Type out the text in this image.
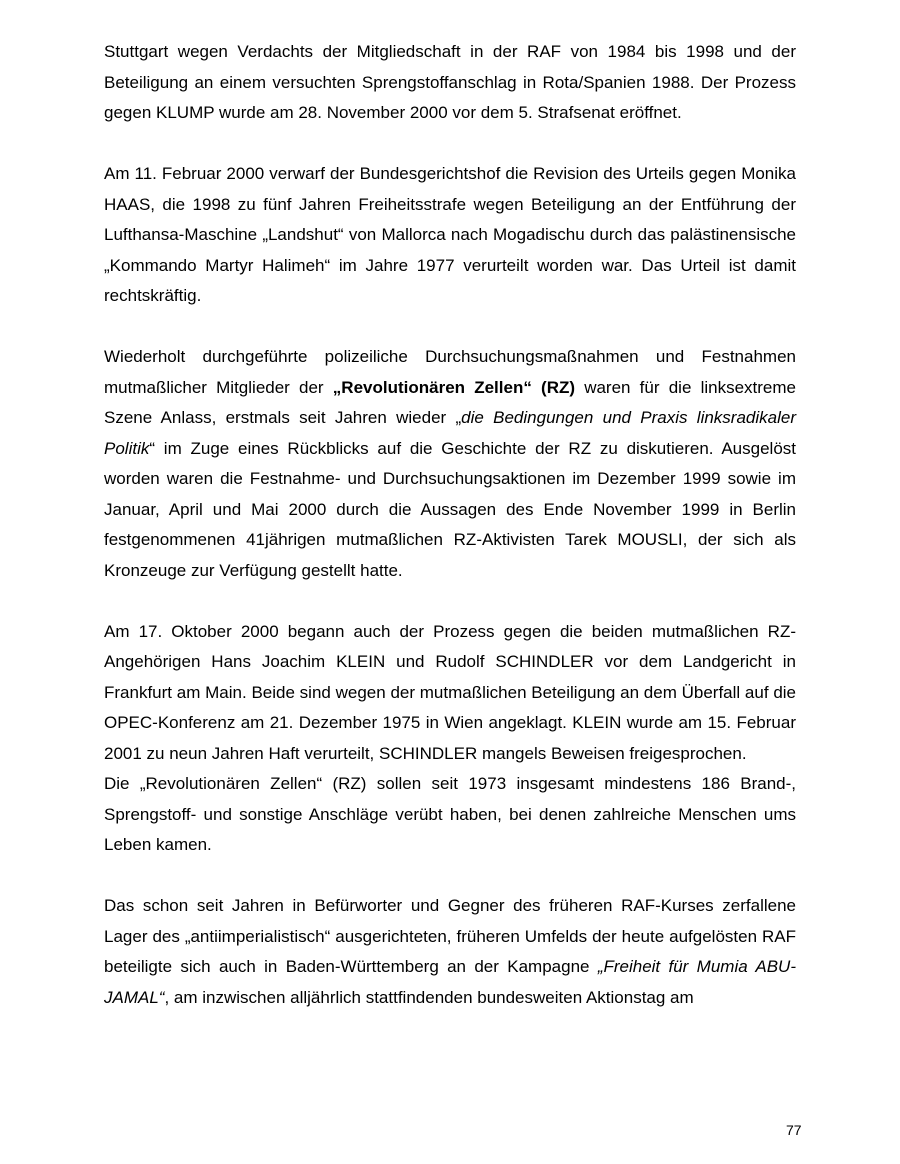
Stuttgart wegen Verdachts der Mitgliedschaft in der RAF von 1984 bis 1998 und der Beteiligung an einem versuchten Sprengstoffanschlag in Rota/Spanien 1988. Der Prozess gegen KLUMP wurde am 28. November 2000 vor dem 5. Strafsenat eröffnet.

Am 11. Februar 2000 verwarf der Bundesgerichtshof die Revision des Urteils gegen Monika HAAS, die 1998 zu fünf Jahren Freiheitsstrafe wegen Beteiligung an der Entführung der Lufthansa-Maschine „Landshut“ von Mallorca nach Mogadischu durch das palästinensische „Kommando Martyr Halimeh“ im Jahre 1977 verurteilt worden war. Das Urteil ist damit rechtskräftig.

Wiederholt durchgeführte polizeiliche Durchsuchungsmaßnahmen und Festnahmen mutmaßlicher Mitglieder der „Revolutionären Zellen“ (RZ) waren für die linksextreme Szene Anlass, erstmals seit Jahren wieder „die Bedingungen und Praxis linksradikaler Politik“ im Zuge eines Rückblicks auf die Geschichte der RZ zu diskutieren. Ausgelöst worden waren die Festnahme- und Durchsuchungsaktionen im Dezember 1999 sowie im Januar, April und Mai 2000 durch die Aussagen des Ende November 1999 in Berlin festgenommenen 41jährigen mutmaßlichen RZ-Aktivisten Tarek MOUSLI, der sich als Kronzeuge zur Verfügung gestellt hatte.

Am 17. Oktober 2000 begann auch der Prozess gegen die beiden mutmaßlichen RZ-Angehörigen Hans Joachim KLEIN und Rudolf SCHINDLER vor dem Landgericht in Frankfurt am Main. Beide sind wegen der mutmaßlichen Beteiligung an dem Überfall auf die OPEC-Konferenz am 21. Dezember 1975 in Wien angeklagt. KLEIN wurde am 15. Februar 2001 zu neun Jahren Haft verurteilt, SCHINDLER mangels Beweisen freigesprochen.

Die „Revolutionären Zellen“ (RZ) sollen seit 1973 insgesamt mindestens 186 Brand-, Sprengstoff- und sonstige Anschläge verübt haben, bei denen zahlreiche Menschen ums Leben kamen.

Das schon seit Jahren in Befürworter und Gegner des früheren RAF-Kurses zerfallene Lager des „antiimperialistisch“ ausgerichteten, früheren Umfelds der heute aufgelösten RAF beteiligte sich auch in Baden-Württemberg an der Kampagne „Freiheit für Mumia ABU-JAMAL“, am inzwischen alljährlich stattfindenden bundesweiten Aktionstag am

77
